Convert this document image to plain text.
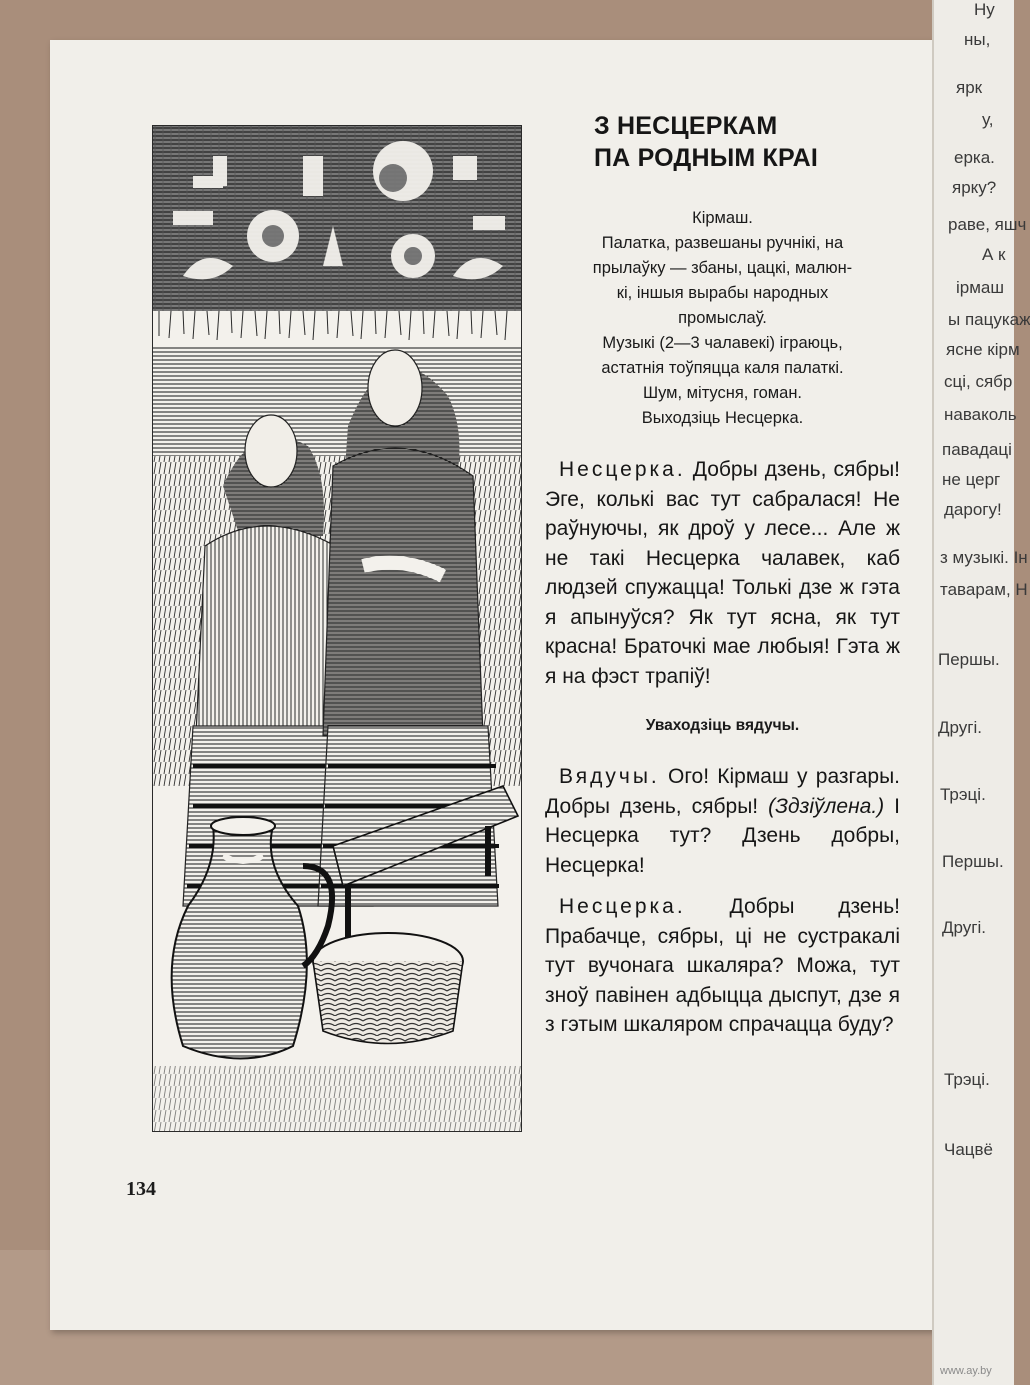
Ну
ны,
ярк
у,
ерка.
ярку?
раве, яшч
А к
ірмаш
ы пацукаж
ясне кірм
сці, сябр
наваколь
павадаці
не церг
дарогу!
з музыкі. Ін
таварам, Н
Першы.
Другі.
Трэці.
Першы.
Другі.
Трэці.
Чацвё
134
З НЕСЦЕРКАМ
ПА РОДНЫМ КРАІ
Кірмаш.
Палатка, развешаны ручнікі, на
прылаўку — збаны, цацкі, малюн-
кі, іншыя вырабы народных
промыслаў.
Музыкі (2—3 чалавекі) іграюць,
астатнія тоўпяцца каля палаткі.
Шум, мітусня, гоман.
Выходзіць Несцерка.

Несцерка. Добры дзень, сябры! Эге, колькі вас тут сабралася! Не раўнуючы, як дроў у лесе... Але ж не такі Несцерка чалавек, каб людзей спужацца! Толькі дзе ж гэта я апынуўся? Як тут ясна, як тут красна! Браточкі мае любыя! Гэта ж я на фэст трапіў!

Уваходзіць вядучы.

Вядучы. Ого! Кірмаш у разгары. Добры дзень, сябры! (Здзіўлена.) І Несцерка тут? Дзень добры, Несцерка!

Несцерка. Добры дзень! Прабачце, сябры, ці не сустракалі тут вучонага шкаляра? Можа, тут зноў павінен адбыцца дыспут, дзе я з гэтым шкаляром спрачацца буду?

www.ay.by
